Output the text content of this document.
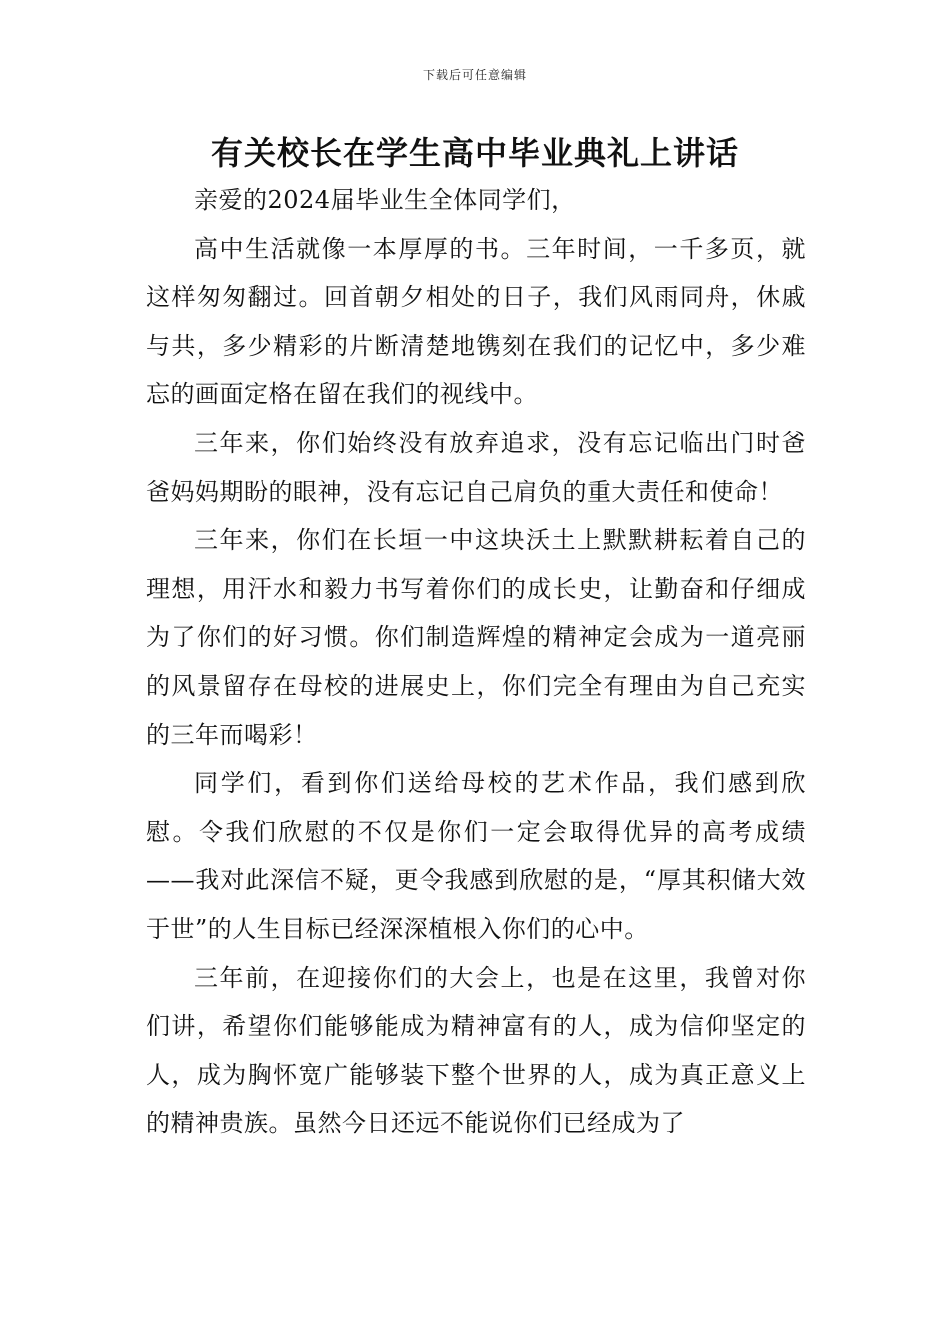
下载后可任意编辑
有关校长在学生高中毕业典礼上讲话

亲爱的2024届毕业生全体同学们，

高中生活就像一本厚厚的书。三年时间，一千多页，就这样匆匆翻过。回首朝夕相处的日子，我们风雨同舟，休戚与共，多少精彩的片断清楚地镌刻在我们的记忆中，多少难忘的画面定格在留在我们的视线中。

三年来，你们始终没有放弃追求，没有忘记临出门时爸爸妈妈期盼的眼神，没有忘记自己肩负的重大责任和使命！

三年来，你们在长垣一中这块沃土上默默耕耘着自己的理想，用汗水和毅力书写着你们的成长史，让勤奋和仔细成为了你们的好习惯。你们制造辉煌的精神定会成为一道亮丽的风景留存在母校的进展史上，你们完全有理由为自己充实的三年而喝彩！

同学们，看到你们送给母校的艺术作品，我们感到欣慰。令我们欣慰的不仅是你们一定会取得优异的高考成绩——我对此深信不疑，更令我感到欣慰的是，“厚其积储大效于世”的人生目标已经深深植根入你们的心中。

三年前，在迎接你们的大会上，也是在这里，我曾对你们讲，希望你们能够能成为精神富有的人，成为信仰坚定的人，成为胸怀宽广能够装下整个世界的人，成为真正意义上的精神贵族。虽然今日还远不能说你们已经成为了
